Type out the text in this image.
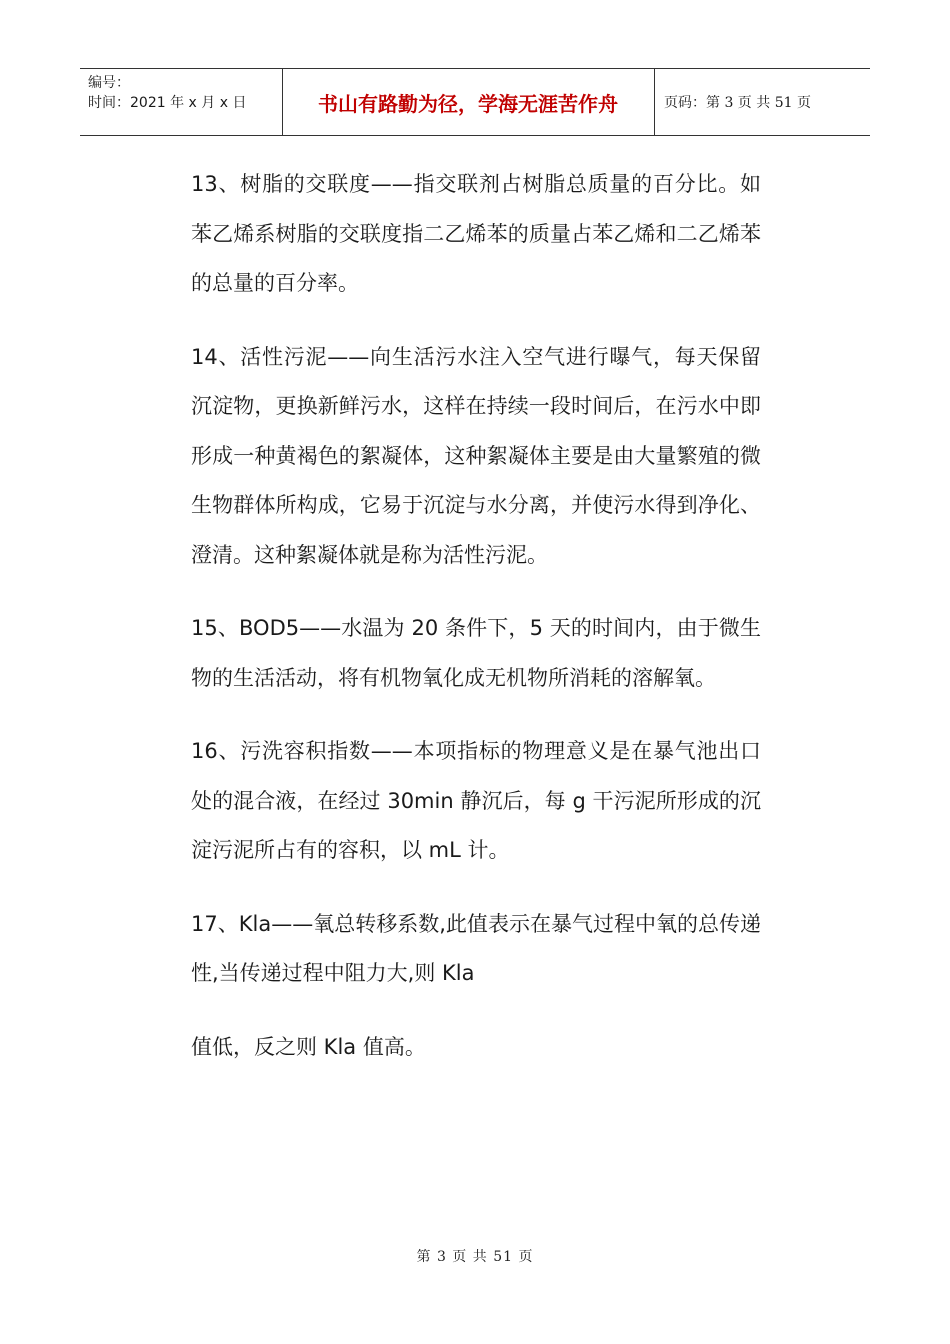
编号：
时间：2021 年 x 月 x 日	书山有路勤为径，学海无涯苦作舟	页码：第 3 页 共 51 页

13、树脂的交联度——指交联剂占树脂总质量的百分比。如苯乙烯系树脂的交联度指二乙烯苯的质量占苯乙烯和二乙烯苯的总量的百分率。

14、活性污泥——向生活污水注入空气进行曝气，每天保留沉淀物，更换新鲜污水，这样在持续一段时间后，在污水中即形成一种黄褐色的絮凝体，这种絮凝体主要是由大量繁殖的微生物群体所构成，它易于沉淀与水分离，并使污水得到净化、澄清。这种絮凝体就是称为活性污泥。

15、BOD5——水温为 20 条件下，5 天的时间内，由于微生物的生活活动，将有机物氧化成无机物所消耗的溶解氧。

16、污洗容积指数——本项指标的物理意义是在暴气池出口处的混合液，在经过 30min 静沉后，每 g 干污泥所形成的沉淀污泥所占有的容积，以 mL 计。

17、Kla——氧总转移系数,此值表示在暴气过程中氧的总传递性,当传递过程中阻力大,则 Kla

值低，反之则 Kla 值高。

第 3 页 共 51 页
